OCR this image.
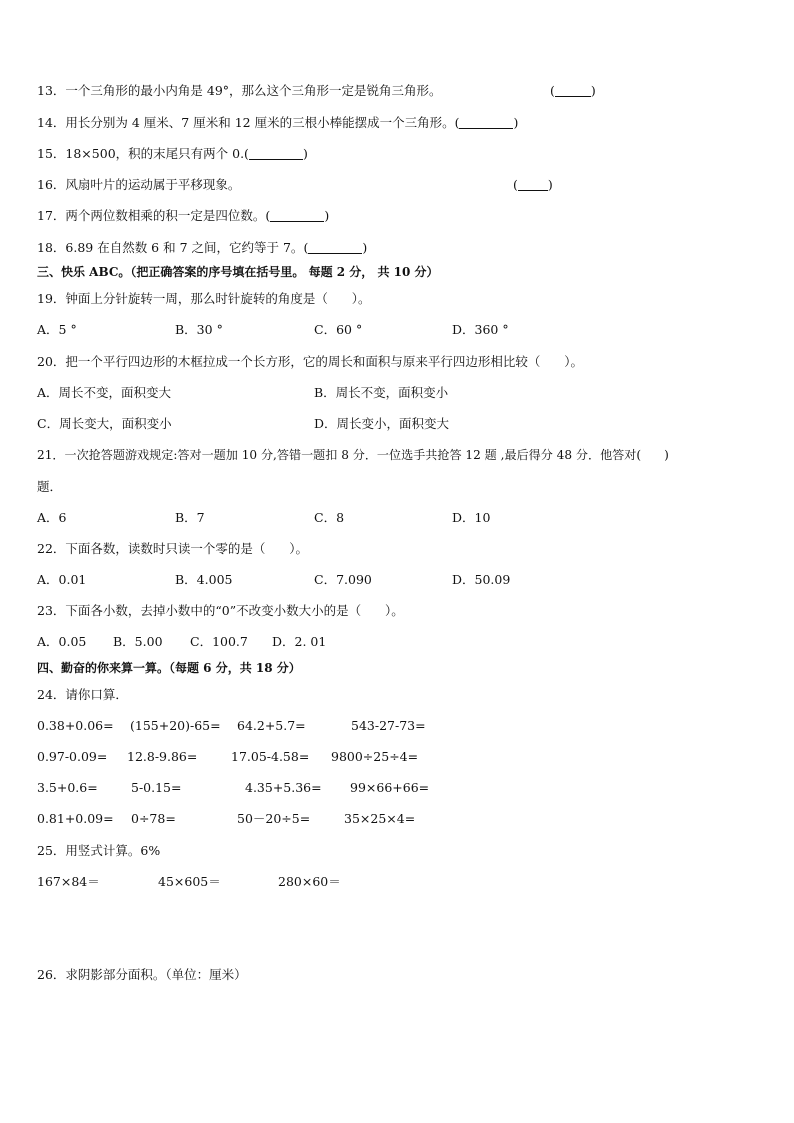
13．一个三角形的最小内角是 49°，那么这个三角形一定是锐角三角形。	(	)
14．用长分别为 4 厘米、7 厘米和 12 厘米的三根小棒能摆成一个三角形。(	)
15．18×500，积的末尾只有两个 0.(	)
16．风扇叶片的运动属于平移现象。	( )
17．两个两位数相乘的积一定是四位数。(	)
18．6.89 在自然数 6 和 7 之间，它约等于 7。(	)
三、快乐 ABC。（把正确答案的序号填在括号里。 每题 2 分， 共 10 分）
19．钟面上分针旋转一周，那么时针旋转的角度是（      ）。
A．5 °	B．30 °	C．60 °	D．360 °
20．把一个平行四边形的木框拉成一个长方形，它的周长和面积与原来平行四边形相比较（      ）。
A．周长不变，面积变大	B．周长不变，面积变小
C．周长变大，面积变小	D．周长变小，面积变大
21．一次抢答题游戏规定:答对一题加 10 分,答错一题扣 8 分．一位选手共抢答 12 题 ,最后得分 48 分．他答对(      )
题．
A．6	B．7	C．8	D．10
22．下面各数，读数时只读一个零的是（      ）。
A．0.01	B．4.005	C．7.090	D．50.09
23．下面各小数，去掉小数中的“0”不改变小数大小的是（      ）。
A．0.05 B．5.00 C．100.7 D．2. 01
四、勤奋的你来算一算。（每题 6 分，共 18 分）
24．请你口算．
0.38+0.06= (155+20)-65= 64.2+5.7=	543-27-73=
0.97-0.09= 12.8-9.86=	17.05-4.58= 9800÷25÷4=
3.5+0.6=	5-0.15=	4.35+5.36= 99×66+66=
0.81+0.09= 0÷78=	50－20÷5=	35×25×4=
25．用竖式计算。6%
167×84＝	45×605＝	280×60＝
26．求阴影部分面积。（单位：厘米）
